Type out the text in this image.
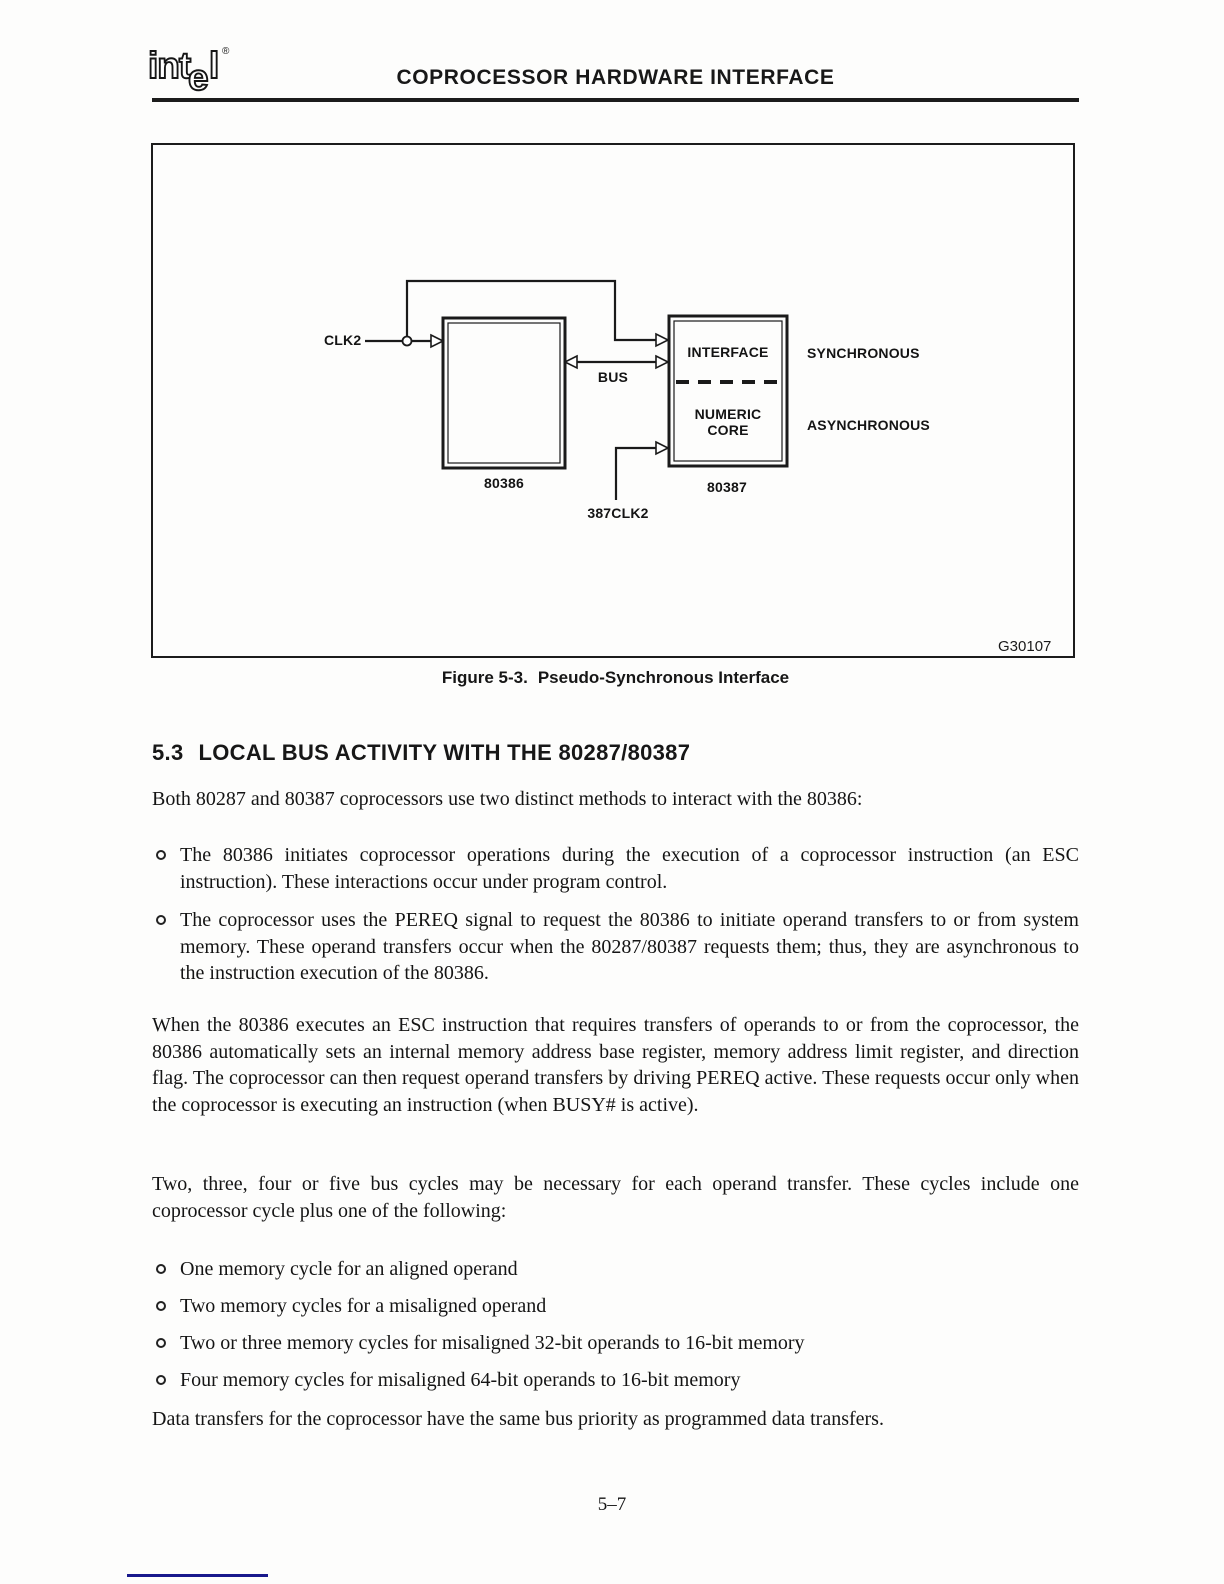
int
e l ®
COPROCESSOR HARDWARE INTERFACE
CLK2
BUS
80386	80387
INTERFACE
NUMERIC
CORE
SYNCHRONOUS
ASYNCHRONOUS
387CLK2
G30107
Figure 5-3. Pseudo-Synchronous Interface
5.3 LOCAL BUS ACTIVITY WITH THE 80287/80387

Both 80287 and 80387 coprocessors use two distinct methods to interact with the 80386:

The 80386 initiates coprocessor operations during the execution of a coprocessor instruction (an ESC instruction). These interactions occur under program control.
The coprocessor uses the PEREQ signal to request the 80386 to initiate operand transfers to or from system memory. These operand transfers occur when the 80287/80387 requests them; thus, they are asynchronous to the instruction execution of the 80386.

When the 80386 executes an ESC instruction that requires transfers of operands to or from the coprocessor, the 80386 automatically sets an internal memory address base register, memory address limit register, and direction flag. The coprocessor can then request operand transfers by driving PEREQ active. These requests occur only when the coprocessor is executing an instruction (when BUSY# is active).

Two, three, four or five bus cycles may be necessary for each operand transfer. These cycles include one coprocessor cycle plus one of the following:

One memory cycle for an aligned operand
Two memory cycles for a misaligned operand
Two or three memory cycles for misaligned 32-bit operands to 16-bit memory
Four memory cycles for misaligned 64-bit operands to 16-bit memory

Data transfers for the coprocessor have the same bus priority as programmed data transfers.

5–7
